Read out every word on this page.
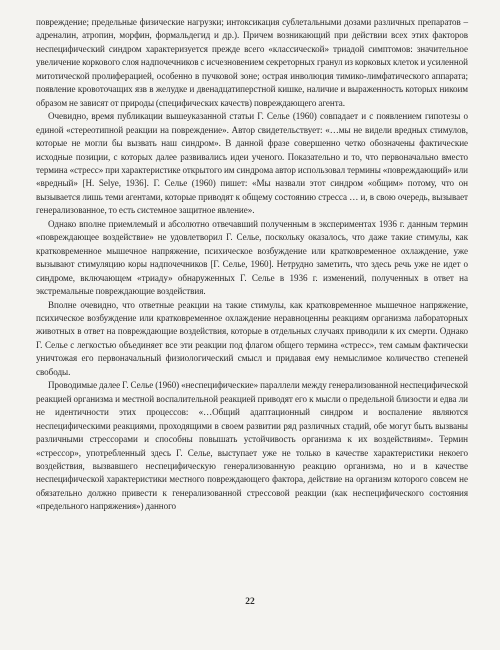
повреждение; предельные физические нагрузки; интоксикация сублетальными дозами различных препаратов – адреналин, атропин, морфин, формальдегид и др.). Причем возникающий при действии всех этих факторов неспецифический синдром характеризуется прежде всего «классической» триадой симптомов: значительное увеличение коркового слоя надпочечников с исчезновением секреторных гранул из корковых клеток и усиленной митотической пролиферацией, особенно в пучковой зоне; острая инволюция тимико-лимфатического аппарата; появление кровоточащих язв в желудке и двенадцатиперстной кишке, наличие и выраженность которых никоим образом не зависят от природы (специфических качеств) повреждающего агента.

Очевидно, время публикации вышеуказанной статьи Г. Селье (1960) совпадает и с появлением гипотезы о единой «стереотипной реакции на повреждение». Автор свидетельствует: «…мы не видели вредных стимулов, которые не могли бы вызвать наш синдром». В данной фразе совершенно четко обозначены фактические исходные позиции, с которых далее развивались идеи ученого. Показательно и то, что первоначально вместо термина «стресс» при характеристике открытого им синдрома автор использовал термины «повреждающий» или «вредный» [H. Selye, 1936]. Г. Селье (1960) пишет: «Мы назвали этот синдром «общим» потому, что он вызывается лишь теми агентами, которые приводят к общему состоянию стресса … и, в свою очередь, вызывает генерализованное, то есть системное защитное явление».

Однако вполне приемлемый и абсолютно отвечавший полученным в экспериментах 1936 г. данным термин «повреждающее воздействие» не удовлетворил Г. Селье, поскольку оказалось, что даже такие стимулы, как кратковременное мышечное напряжение, психическое возбуждение или кратковременное охлаждение, уже вызывают стимуляцию коры надпочечников [Г. Селье, 1960]. Нетрудно заметить, что здесь речь уже не идет о синдроме, включающем «триаду» обнаруженных Г. Селье в 1936 г. изменений, полученных в ответ на экстремальные повреждающие воздействия.

Вполне очевидно, что ответные реакции на такие стимулы, как кратковременное мышечное напряжение, психическое возбуждение или кратковременное охлаждение неравноценны реакциям организма лабораторных животных в ответ на повреждающие воздействия, которые в отдельных случаях приводили к их смерти. Однако Г. Селье с легкостью объединяет все эти реакции под флагом общего термина «стресс», тем самым фактически уничтожая его первоначальный физиологический смысл и придавая ему немыслимое количество степеней свободы.

Проводимые далее Г. Селье (1960) «неспецифические» параллели между генерализованной неспецифической реакцией организма и местной воспалительной реакцией приводят его к мысли о предельной близости и едва ли не идентичности этих процессов: «…Общий адаптационный синдром и воспаление являются неспецифическими реакциями, проходящими в своем развитии ряд различных стадий, обе могут быть вызваны различными стрессорами и способны повышать устойчивость организма к их воздействиям». Термин «стрессор», употребленный здесь Г. Селье, выступает уже не только в качестве характеристики некоего воздействия, вызвавшего неспецифическую генерализованную реакцию организма, но и в качестве неспецифической характеристики местного повреждающего фактора, действие на организм которого совсем не обязательно должно привести к генерализованной стрессовой реакции (как неспецифического состояния «предельного напряжения») данного

22
